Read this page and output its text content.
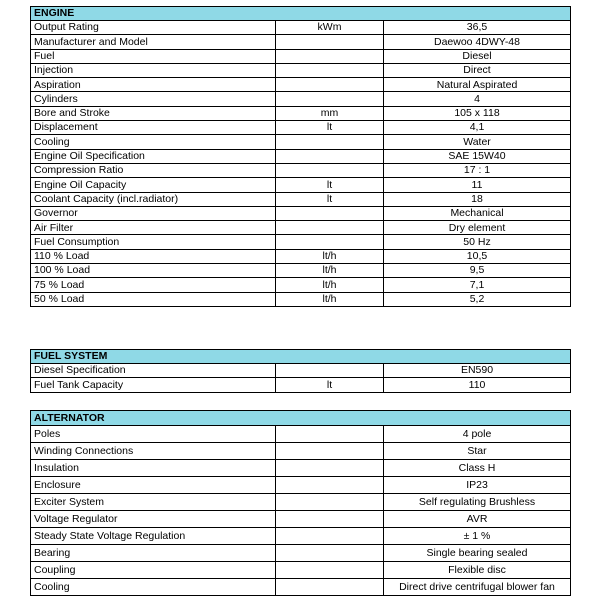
ENGINE		
Output Rating	kWm	36,5
Manufacturer and Model		Daewoo 4DWY-48
Fuel		Diesel
Injection		Direct
Aspiration		Natural Aspirated
Cylinders		4
Bore and Stroke	mm	105 x 118
Displacement	lt	4,1
Cooling		Water
Engine Oil Specification		SAE 15W40
Compression Ratio		17 : 1
Engine Oil Capacity	lt	11
Coolant Capacity (incl.radiator)	lt	18
Governor		Mechanical
Air Filter		Dry element
Fuel Consumption		50 Hz
110 % Load	lt/h	10,5
100 % Load	lt/h	9,5
75 % Load	lt/h	7,1
50 % Load	lt/h	5,2
FUEL SYSTEM		
Diesel Specification		EN590
Fuel Tank Capacity	lt	110
ALTERNATOR		
Poles		4 pole
Winding Connections		Star
Insulation		Class H
Enclosure		IP23
Exciter System		Self regulating Brushless
Voltage Regulator		AVR
Steady State Voltage Regulation		± 1 %
Bearing		Single bearing sealed
Coupling		Flexible disc
Cooling		Direct drive centrifugal blower fan
